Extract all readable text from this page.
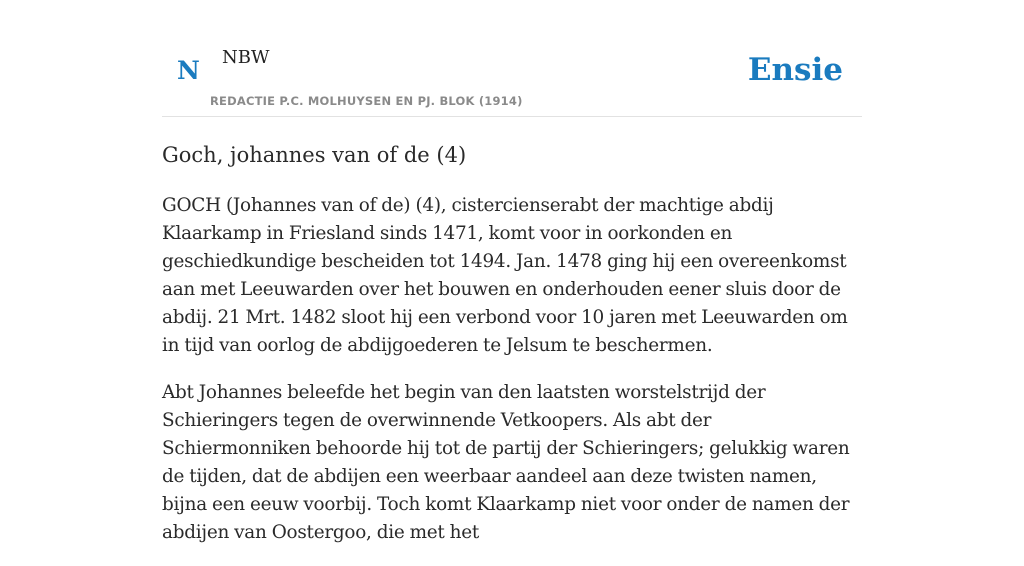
N NBW
REDACTIE P.C. MOLHUYSEN EN PJ. BLOK (1914)
Ensie
Goch, johannes van of de (4)

GOCH (Johannes van of de) (4), cistercienserabt der machtige abdij Klaarkamp in Friesland sinds 1471, komt voor in oorkonden en geschiedkundige bescheiden tot 1494. Jan. 1478 ging hij een overeenkomst aan met Leeuwarden over het bouwen en onderhouden eener sluis door de abdij. 21 Mrt. 1482 sloot hij een verbond voor 10 jaren met Leeuwarden om in tijd van oorlog de abdijgoederen te Jelsum te beschermen.

Abt Johannes beleefde het begin van den laatsten worstelstrijd der Schieringers tegen de overwinnende Vetkoopers. Als abt der Schiermonniken behoorde hij tot de partij der Schieringers; gelukkig waren de tijden, dat de abdijen een weerbaar aandeel aan deze twisten namen, bijna een eeuw voorbij. Toch komt Klaarkamp niet voor onder de namen der abdijen van Oostergoo, die met het
